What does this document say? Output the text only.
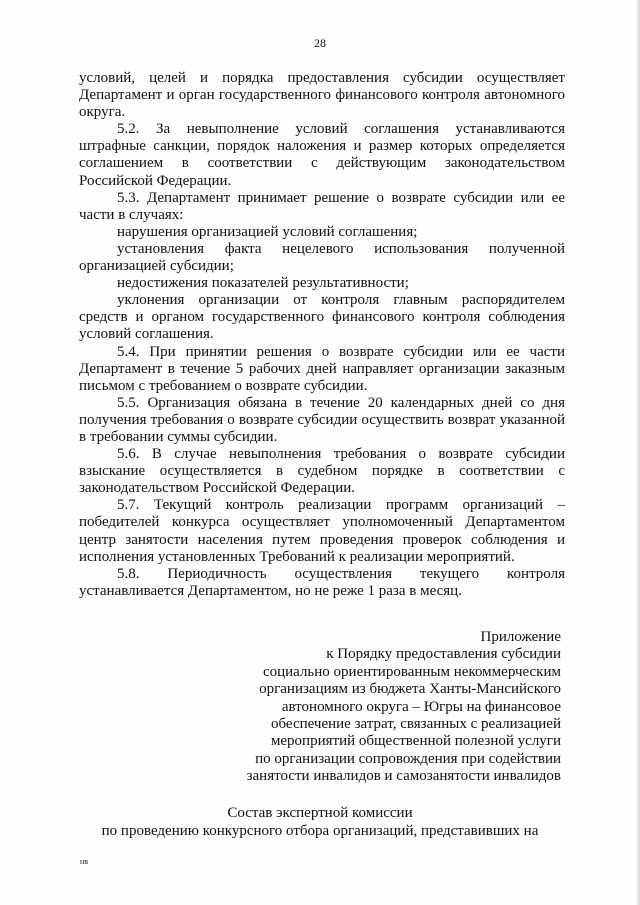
28

условий, целей и порядка предоставления субсидии осуществляет Департамент и орган государственного финансового контроля автономного округа.

5.2. За невыполнение условий соглашения устанавливаются штрафные санкции, порядок наложения и размер которых определяется соглашением в соответствии с действующим законодательством Российской Федерации.

5.3. Департамент принимает решение о возврате субсидии или ее части в случаях:

нарушения организацией условий соглашения;

установления факта нецелевого использования полученной организацией субсидии;

недостижения показателей результативности;

уклонения организации от контроля главным распорядителем средств и органом государственного финансового контроля соблюдения условий соглашения.

5.4. При принятии решения о возврате субсидии или ее части Департамент в течение 5 рабочих дней направляет организации заказным письмом с требованием о возврате субсидии.

5.5. Организация обязана в течение 20 календарных дней со дня получения требования о возврате субсидии осуществить возврат указанной в требовании суммы субсидии.

5.6. В случае невыполнения требования о возврате субсидии взыскание осуществляется в судебном порядке в соответствии с законодательством Российской Федерации.

5.7. Текущий контроль реализации программ организаций – победителей конкурса осуществляет уполномоченный Департаментом центр занятости населения путем проведения проверок соблюдения и исполнения установленных Требований к реализации мероприятий.

5.8. Периодичность осуществления текущего контроля устанавливается Департаментом, но не реже 1 раза в месяц.

Приложение
к Порядку предоставления субсидии
социально ориентированным некоммерческим
организациям из бюджета Ханты-Мансийского
автономного округа – Югры на финансовое
обеспечение затрат, связанных с реализацией
мероприятий общественной полезной услуги
по организации сопровождения при содействии
занятости инвалидов и самозанятости инвалидов
Состав экспертной комиссии
по проведению конкурсного отбора организаций, представивших на
нв
